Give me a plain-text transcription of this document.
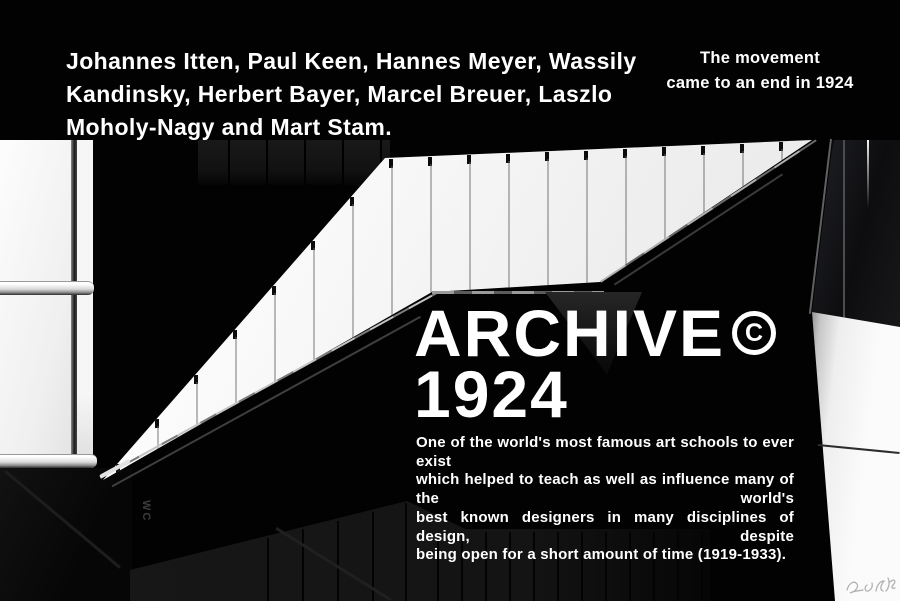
Johannes Itten, Paul Keen, Hannes Meyer, Wassily
Kandinsky, Herbert Bayer, Marcel Breuer, Laszlo
Moholy-Nagy and Mart Stam.
The movement
came to an end in 1924
WC
ARCHIVE C
1924
One of the world's most famous art schools to ever exist
which helped to teach as well as influence many of the world's
best known designers in many disciplines of design, despite
being open for a short amount of time (1919-1933).
